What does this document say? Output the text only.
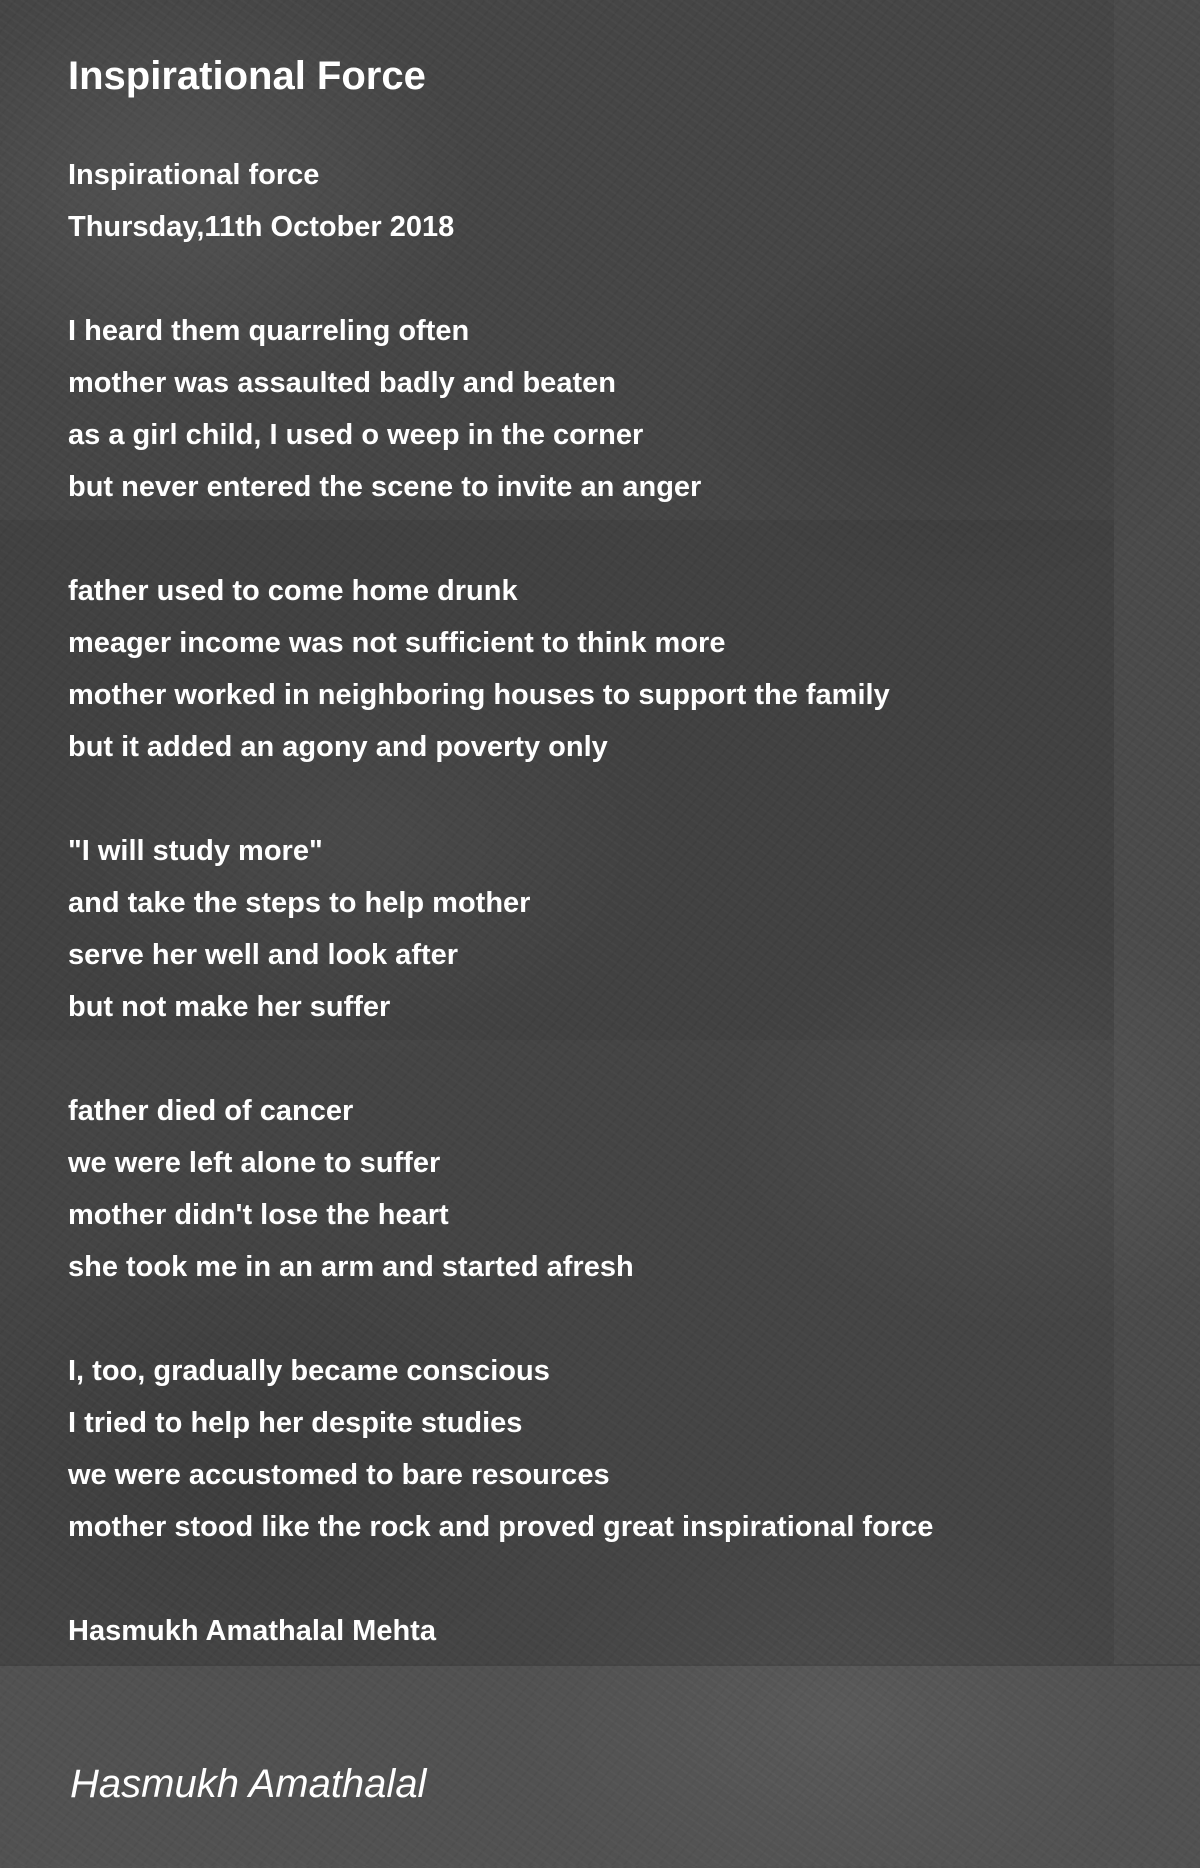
Inspirational Force
Inspirational force
Thursday,11th October 2018
I heard them quarreling often
mother was assaulted badly and beaten
as a girl child, I used o weep in the corner
but never entered the scene to invite an anger
father used to come home drunk
meager income was not sufficient to think more
mother worked in neighboring houses to support the family
but it added an agony and poverty only
"I will study more"
and take the steps to help mother
serve her well and look after
but not make her suffer
father died of cancer
we were left alone to suffer
mother didn't lose the heart
she took me in an arm and started afresh
I, too, gradually became conscious
I tried to help her despite studies
we were accustomed to bare resources
mother stood like the rock and proved great inspirational force
Hasmukh Amathalal Mehta
Hasmukh Amathalal
